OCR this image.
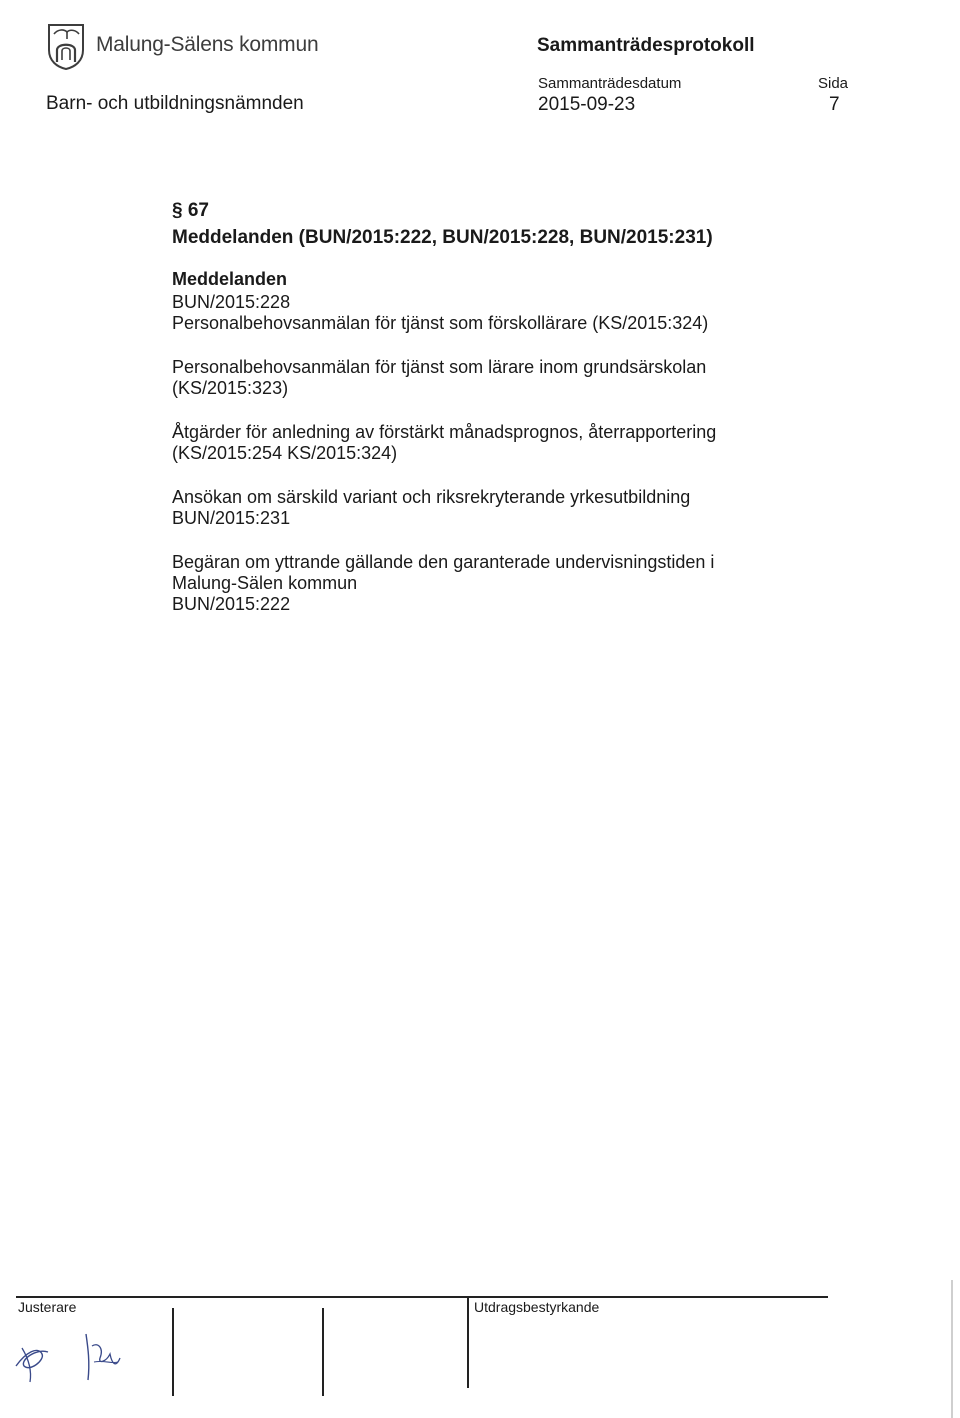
Malung-Sälens kommun	Sammanträdesprotokoll
Barn- och utbildningsnämnden
Sammanträdesdatum
2015-09-23
Sida
7
§ 67
Meddelanden (BUN/2015:222, BUN/2015:228, BUN/2015:231)
Meddelanden

BUN/2015:228
Personalbehovsanmälan för tjänst som förskollärare (KS/2015:324)

Personalbehovsanmälan för tjänst som lärare inom grundsärskolan
(KS/2015:323)

Åtgärder för anledning av förstärkt månadsprognos, återrapportering
(KS/2015:254 KS/2015:324)

Ansökan om särskild variant och riksrekryterande yrkesutbildning
BUN/2015:231

Begäran om yttrande gällande den garanterade undervisningstiden i
Malung-Sälen kommun
BUN/2015:222

Justerare	Utdragsbestyrkande
